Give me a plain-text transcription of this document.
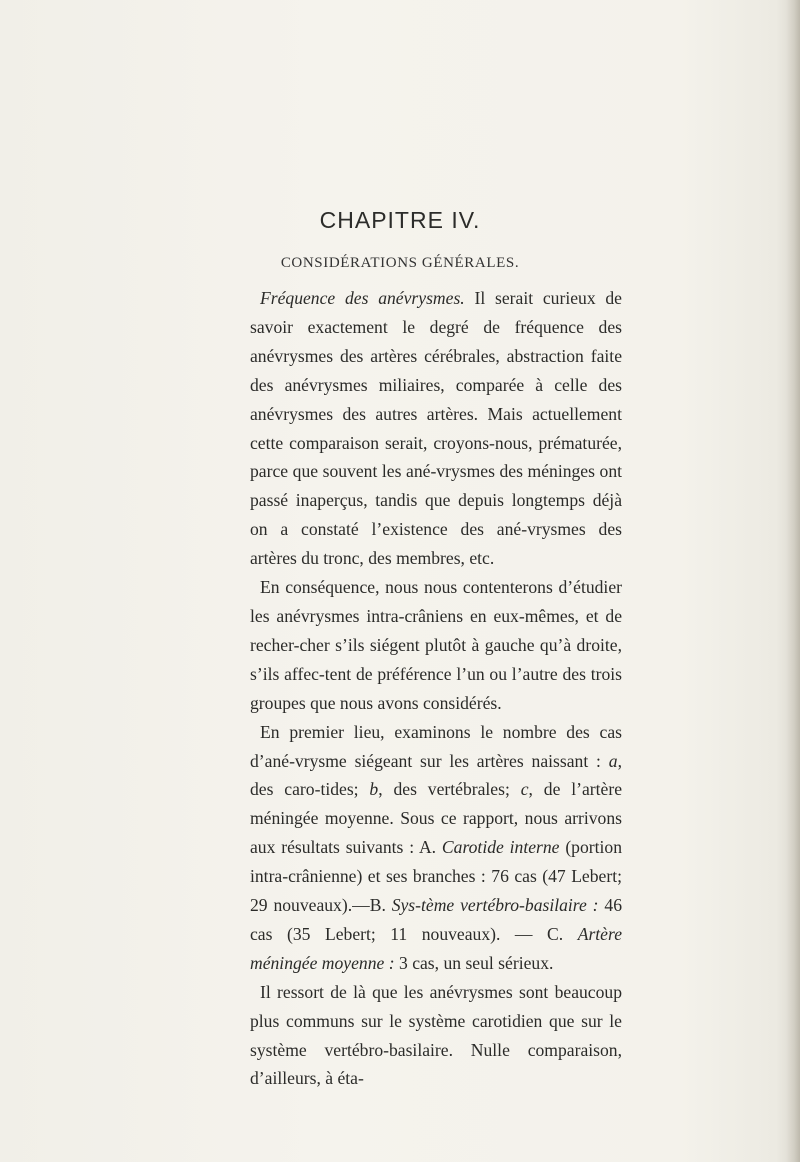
CHAPITRE IV.
CONSIDÉRATIONS GÉNÉRALES.

Fréquence des anévrysmes. Il serait curieux de savoir exactement le degré de fréquence des anévrysmes des artères cérébrales, abstraction faite des anévrysmes miliaires, comparée à celle des anévrysmes des autres artères. Mais actuellement cette comparaison serait, croyons-nous, prématurée, parce que souvent les ané-vrysmes des méninges ont passé inaperçus, tandis que depuis longtemps déjà on a constaté l’existence des ané-vrysmes des artères du tronc, des membres, etc.

En conséquence, nous nous contenterons d’étudier les anévrysmes intra-crâniens en eux-mêmes, et de recher-cher s’ils siégent plutôt à gauche qu’à droite, s’ils affec-tent de préférence l’un ou l’autre des trois groupes que nous avons considérés.

En premier lieu, examinons le nombre des cas d’ané-vrysme siégeant sur les artères naissant : a, des caro-tides; b, des vertébrales; c, de l’artère méningée moyenne. Sous ce rapport, nous arrivons aux résultats suivants : A. Carotide interne (portion intra-crânienne) et ses branches : 76 cas (47 Lebert; 29 nouveaux).—B. Sys-tème vertébro-basilaire : 46 cas (35 Lebert; 11 nouveaux). — C. Artère méningée moyenne : 3 cas, un seul sérieux.

Il ressort de là que les anévrysmes sont beaucoup plus communs sur le système carotidien que sur le système vertébro-basilaire. Nulle comparaison, d’ailleurs, à éta-
